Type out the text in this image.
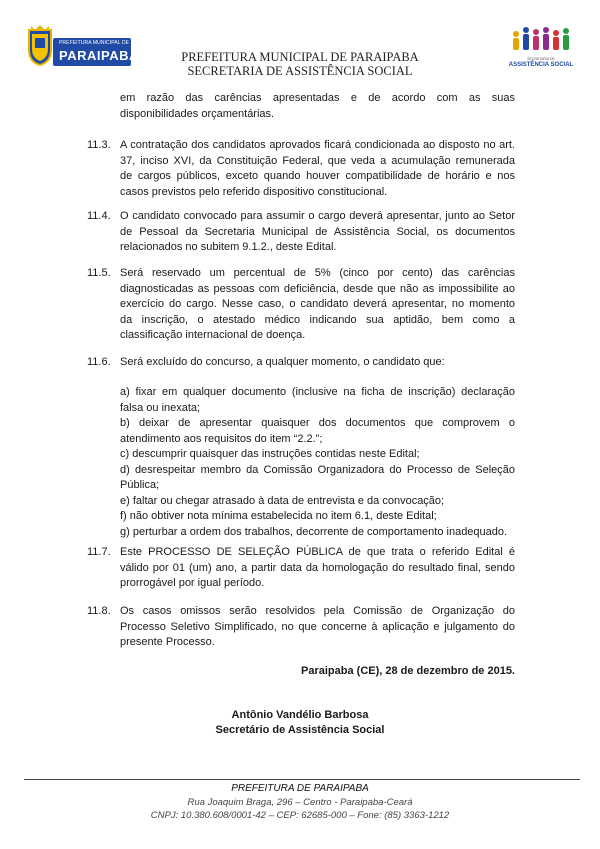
PREFEITURA MUNICIPAL DE
PARAIPABA	PREFEITURA MUNICIPAL DE PARAIPABA
SECRETARIA DE ASSISTÊNCIA SOCIAL
SECRETARIA DE
ASSISTÊNCIA SOCIAL
em razão das carências apresentadas e de acordo com as suas
disponibilidades orçamentárias.
11.3. A contratação dos candidatos aprovados ficará condicionada ao disposto no art.
37, inciso XVI, da Constituição Federal, que veda a acumulação remunerada
de cargos públicos, exceto quando houver compatibilidade de horário e nos
casos previstos pelo referido dispositivo constitucional.
11.4. O candidato convocado para assumir o cargo deverá apresentar, junto ao Setor
de Pessoal da Secretaria Municipal de Assistência Social, os documentos
relacionados no subitem 9.1.2., deste Edital.
11.5. Será reservado um percentual de 5% (cinco por cento) das carências
diagnosticadas as pessoas com deficiência, desde que não as impossibilite ao
exercício do cargo. Nesse caso, o candidato deverá apresentar, no momento
da inscrição, o atestado médico indicando sua aptidão, bem como a
classificação internacional de doença.
11.6. Será excluído do concurso, a qualquer momento, o candidato que:
a) fixar em qualquer documento (inclusive na ficha de inscrição) declaração
falsa ou inexata;
b) deixar de apresentar quaisquer dos documentos que comprovem o
atendimento aos requisitos do item “2.2.”;
c) descumprir quaisquer das instruções contidas neste Edital;
d) desrespeitar membro da Comissão Organizadora do Processo de Seleção
Pública;
e) faltar ou chegar atrasado à data de entrevista e da convocação;
f) não obtiver nota mínima estabelecida no item 6.1, deste Edital;
g) perturbar a ordem dos trabalhos, decorrente de comportamento inadequado.
11.7. Este PROCESSO DE SELEÇÃO PÚBLICA de que trata o referido Edital é
válido por 01 (um) ano, a partir data da homologação do resultado final, sendo
prorrogável por igual período.
11.8. Os casos omissos serão resolvidos pela Comissão de Organização do
Processo Seletivo Simplificado, no que concerne à aplicação e julgamento do
presente Processo.
Paraipaba (CE), 28 de dezembro de 2015.
Antônio Vandélio Barbosa
Secretário de Assistência Social
PREFEITURA DE PARAIPABA
Rua Joaquim Braga, 296 – Centro - Paraipaba-Ceará
CNPJ: 10.380.608/0001-42 – CEP: 62685-000 – Fone: (85) 3363-1212
